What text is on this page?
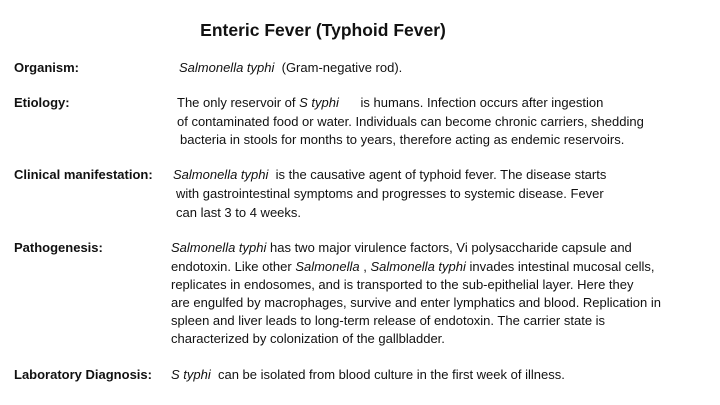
Enteric Fever (Typhoid Fever)
Organism:	Salmonella typhi  (Gram-negative rod).
Etiology:	The only reservoir of S typhi      is humans. Infection occurs after ingestion
of contaminated food or water. Individuals can become chronic carriers, shedding
bacteria in stools for months to years, therefore acting as endemic reservoirs.
Clinical manifestation: Salmonella typhi  is the causative agent of typhoid fever. The disease starts
with gastrointestinal symptoms and progresses to systemic disease. Fever
can last 3 to 4 weeks.
Pathogenesis:	Salmonella typhi has two major virulence factors, Vi polysaccharide capsule and
endotoxin. Like other Salmonella , Salmonella typhi invades intestinal mucosal cells,
replicates in endosomes, and is transported to the sub-epithelial layer. Here they
are engulfed by macrophages, survive and enter lymphatics and blood. Replication in
spleen and liver leads to long-term release of endotoxin. The carrier state is
characterized by colonization of the gallbladder.
Laboratory Diagnosis: S typhi  can be isolated from blood culture in the first week of illness.
